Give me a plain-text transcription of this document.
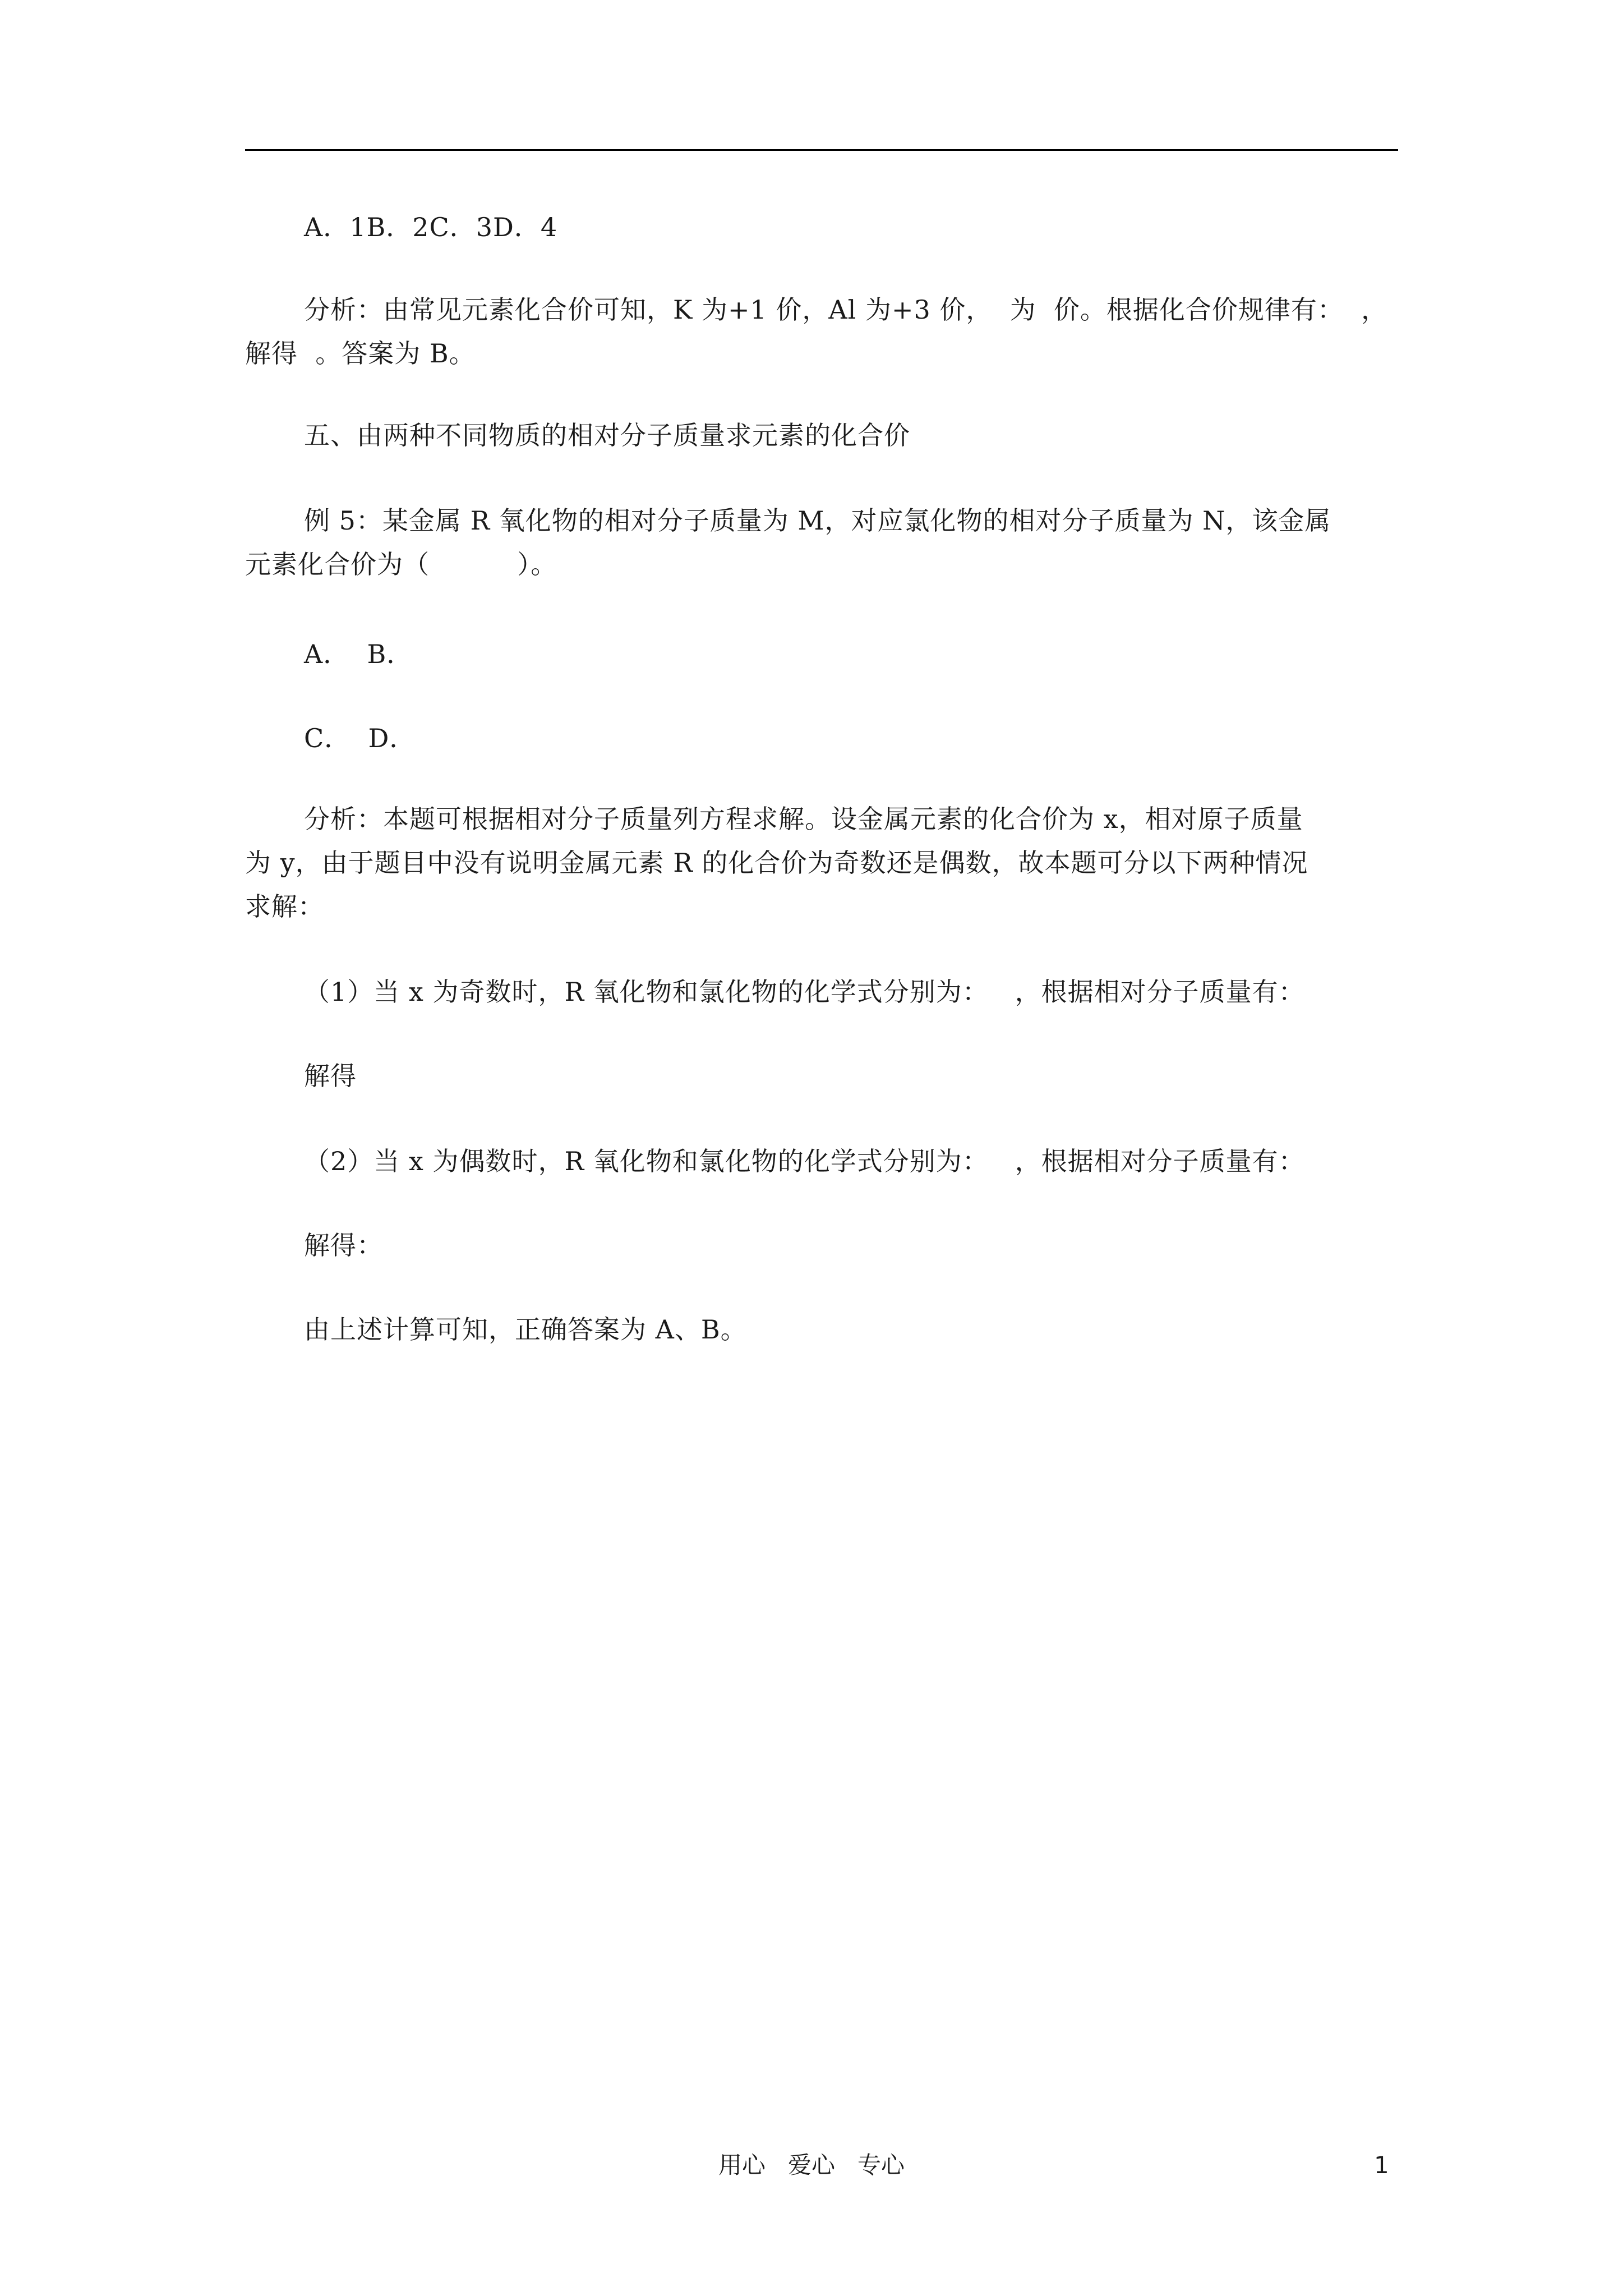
A．1B．2C．3D．4
分析：由常见元素化合价可知，K 为+1 价，Al 为+3 价，  为  价。根据化合价规律有：  ，
解得  。答案为 B。
五、由两种不同物质的相对分子质量求元素的化合价
例 5：某金属 R 氧化物的相对分子质量为 M，对应氯化物的相对分子质量为 N，该金属
元素化合价为（          ）。
A．  B．
C．  D．
分析：本题可根据相对分子质量列方程求解。设金属元素的化合价为 x，相对原子质量
为 y，由于题目中没有说明金属元素 R 的化合价为奇数还是偶数，故本题可分以下两种情况
求解：
（1）当 x 为奇数时，R 氧化物和氯化物的化学式分别为：   ，根据相对分子质量有：
解得
（2）当 x 为偶数时，R 氧化物和氯化物的化学式分别为：   ，根据相对分子质量有：
解得：
由上述计算可知，正确答案为 A、B。
用心   爱心   专心	1
